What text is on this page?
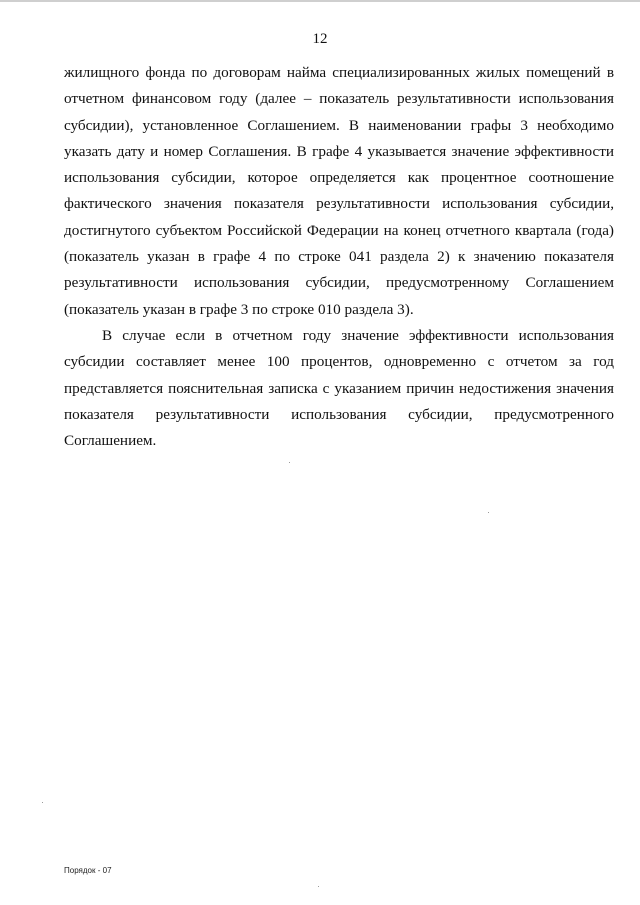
12

жилищного фонда по договорам найма специализированных жилых помещений в отчетном финансовом году (далее – показатель результативности использования субсидии), установленное Соглашением. В наименовании графы 3 необходимо указать дату и номер Соглашения. В графе 4 указывается значение эффективности использования субсидии, которое определяется как процентное соотношение фактического значения показателя результативности использования субсидии, достигнутого субъектом Российской Федерации на конец отчетного квартала (года) (показатель указан в графе 4 по строке 041 раздела 2) к значению показателя результативности использования субсидии, предусмотренному Соглашением (показатель указан в графе 3 по строке 010 раздела 3).

В случае если в отчетном году значение эффективности использования субсидии составляет менее 100 процентов, одновременно с отчетом за год представляется пояснительная записка с указанием причин недостижения значения показателя результативности использования субсидии, предусмотренного Соглашением.

Порядок - 07
